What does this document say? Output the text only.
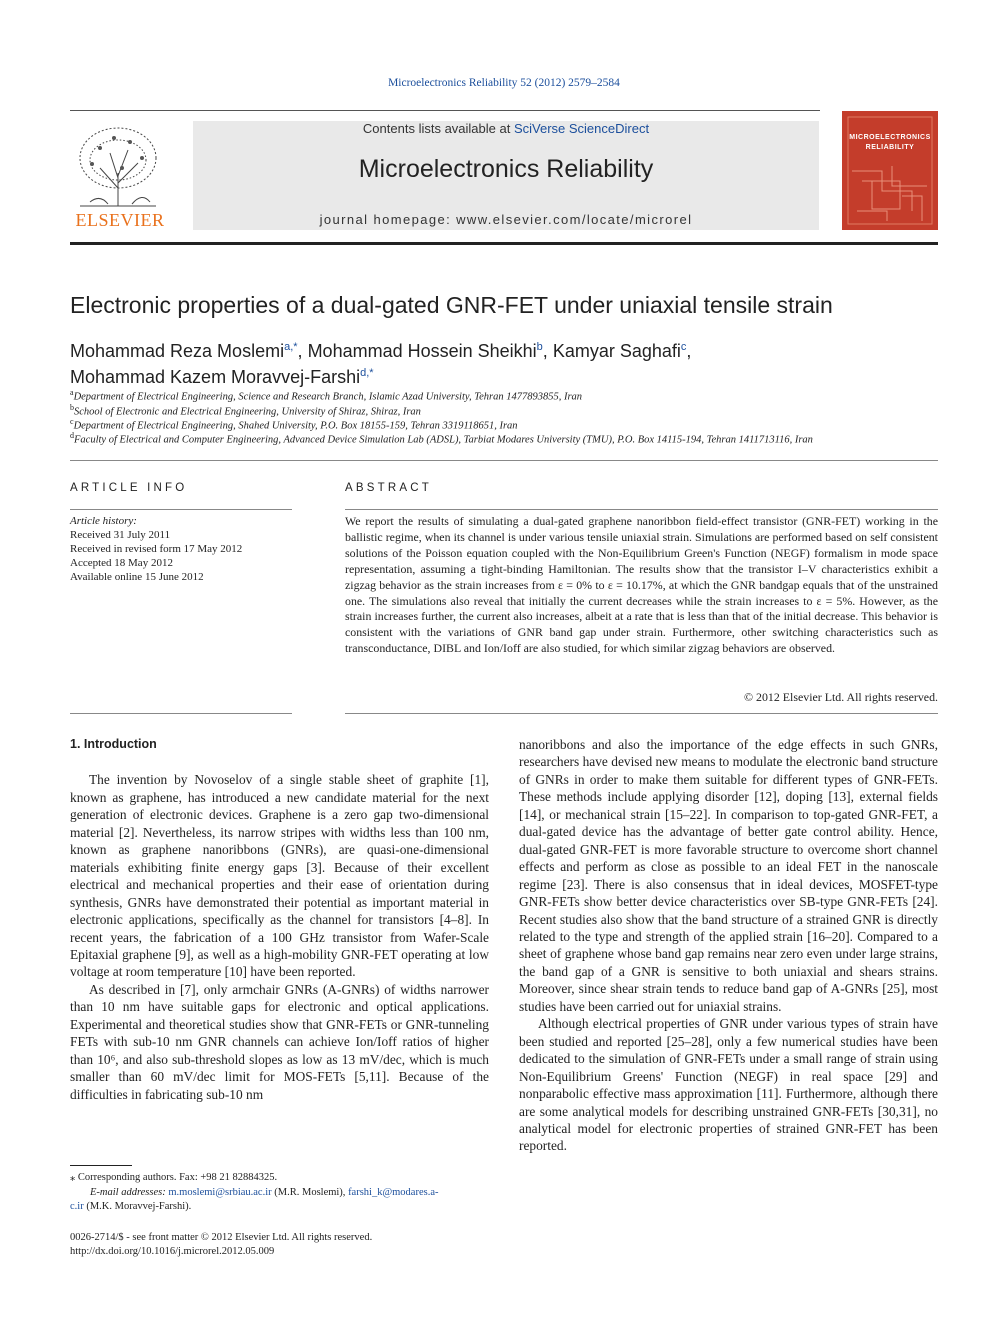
Microelectronics Reliability 52 (2012) 2579–2584
ELSEVIER
Contents lists available at SciVerse ScienceDirect
Microelectronics Reliability
journal homepage: www.elsevier.com/locate/microrel
MICROELECTRONICS
RELIABILITY
Electronic properties of a dual-gated GNR-FET under uniaxial tensile strain
Mohammad Reza Moslemi$^{a,*}$, Mohammad Hossein Sheikhi$^b$, Kamyar Saghafi$^c$,
Mohammad Kazem Moravvej-Farshi$^{d,*}$
$^a$Department of Electrical Engineering, Science and Research Branch, Islamic Azad University, Tehran 1477893855, Iran
$^b$School of Electronic and Electrical Engineering, University of Shiraz, Shiraz, Iran
$^c$Department of Electrical Engineering, Shahed University, P.O. Box 18155-159, Tehran 3319118651, Iran
$^d$Faculty of Electrical and Computer Engineering, Advanced Device Simulation Lab (ADSL), Tarbiat Modares University (TMU), P.O. Box 14115-194, Tehran 1411713116, Iran
ARTICLE INFO
Article history:
Received 31 July 2011
Received in revised form 17 May 2012
Accepted 18 May 2012
Available online 15 June 2012
ABSTRACT
We report the results of simulating a dual-gated graphene nanoribbon field-effect transistor (GNR-FET) working in the ballistic regime, when its channel is under various tensile uniaxial strain. Simulations are performed based on self consistent solutions of the Poisson equation coupled with the Non-Equilibrium Green's Function (NEGF) formalism in mode space representation, assuming a tight-binding Hamiltonian. The results show that the transistor I–V characteristics exhibit a zigzag behavior as the strain increases from ε = 0% to ε = 10.17%, at which the GNR bandgap equals that of the unstrained one. The simulations also reveal that initially the current decreases while the strain increases to ε = 5%. However, as the strain increases further, the current also increases, albeit at a rate that is less than that of the initial decrease. This behavior is consistent with the variations of GNR band gap under strain. Furthermore, other switching characteristics such as transconductance, DIBL and Ion/Ioff are also studied, for which similar zigzag behaviors are observed.
© 2012 Elsevier Ltd. All rights reserved.

1. Introduction

The invention by Novoselov of a single stable sheet of graphite [1], known as graphene, has introduced a new candidate material for the next generation of electronic devices. Graphene is a zero gap two-dimensional material [2]. Nevertheless, its narrow stripes with widths less than 100 nm, known as graphene nanoribbons (GNRs), are quasi-one-dimensional materials exhibiting finite energy gaps [3]. Because of their excellent electrical and mechanical properties and their ease of orientation during synthesis, GNRs have demonstrated their potential as important material in electronic applications, specifically as the channel for transistors [4–8]. In recent years, the fabrication of a 100 GHz transistor from Wafer-Scale Epitaxial graphene [9], as well as a high-mobility GNR-FET operating at low voltage at room temperature [10] have been reported.

As described in [7], only armchair GNRs (A-GNRs) of widths narrower than 10 nm have suitable gaps for electronic and optical applications. Experimental and theoretical studies show that GNR-FETs or GNR-tunneling FETs with sub-10 nm GNR channels can achieve Ion/Ioff ratios of higher than 10⁶, and also sub-threshold slopes as low as 13 mV/dec, which is much smaller than 60 mV/dec limit for MOS-FETs [5,11]. Because of the difficulties in fabricating sub-10 nm

nanoribbons and also the importance of the edge effects in such GNRs, researchers have devised new means to modulate the electronic band structure of GNRs in order to make them suitable for different types of GNR-FETs. These methods include applying disorder [12], doping [13], external fields [14], or mechanical strain [15–22]. In comparison to top-gated GNR-FET, a dual-gated device has the advantage of better gate control ability. Hence, dual-gated GNR-FET is more favorable structure to overcome short channel effects and perform as close as possible to an ideal FET in the nanoscale regime [23]. There is also consensus that in ideal devices, MOSFET-type GNR-FETs show better device characteristics over SB-type GNR-FETs [24]. Recent studies also show that the band structure of a strained GNR is directly related to the type and strength of the applied strain [16–20]. Compared to a sheet of graphene whose band gap remains near zero even under large strains, the band gap of a GNR is sensitive to both uniaxial and shears strains. Moreover, since shear strain tends to reduce band gap of A-GNRs [25], most studies have been carried out for uniaxial strains.

Although electrical properties of GNR under various types of strain have been studied and reported [25–28], only a few numerical studies have been dedicated to the simulation of GNR-FETs under a small range of strain using Non-Equilibrium Greens' Function (NEGF) in real space [29] and nonparabolic effective mass approximation [11]. Furthermore, although there are some analytical models for describing unstrained GNR-FETs [30,31], no analytical model for electronic properties of strained GNR-FET has been reported.

⁎ Corresponding authors. Fax: +98 21 82884325.
E-mail addresses: m.moslemi@srbiau.ac.ir (M.R. Moslemi), farshi_k@modares.a-
c.ir (M.K. Moravvej-Farshi).
0026-2714/$ - see front matter © 2012 Elsevier Ltd. All rights reserved.
http://dx.doi.org/10.1016/j.microrel.2012.05.009
